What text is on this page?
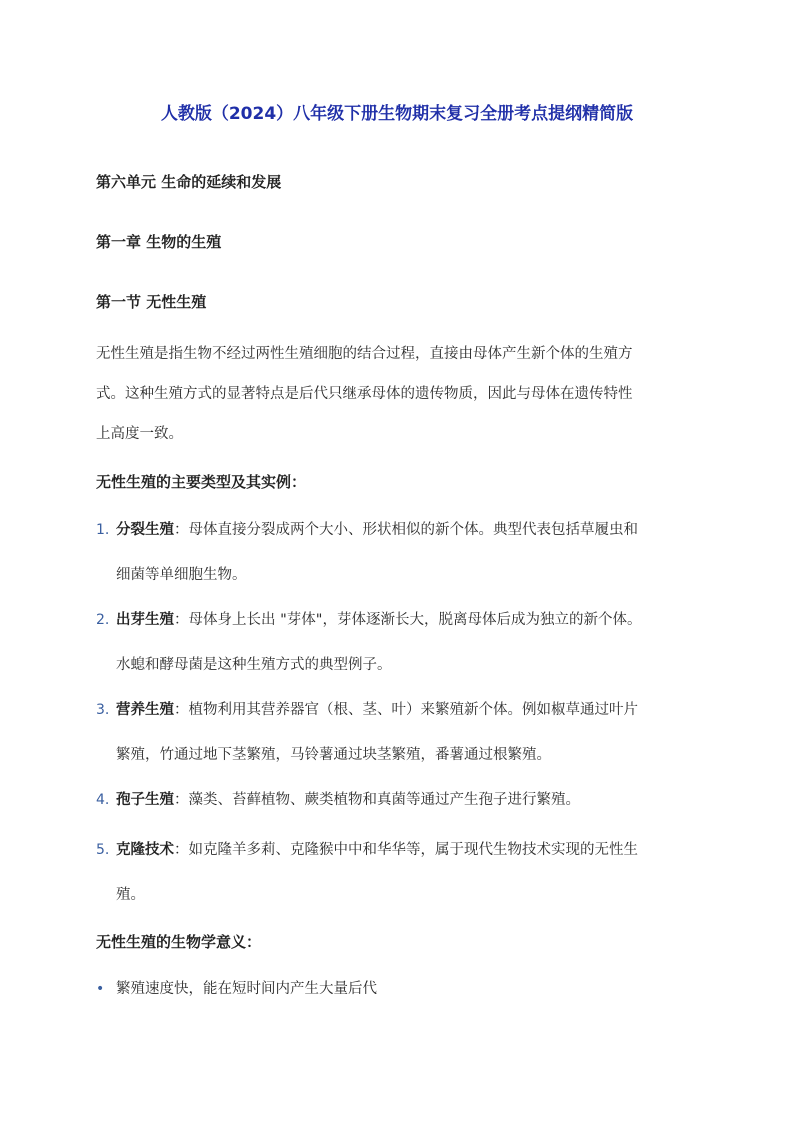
人教版（2024）八年级下册生物期末复习全册考点提纲精简版
第六单元 生命的延续和发展
第一章 生物的生殖
第一节 无性生殖
无性生殖是指生物不经过两性生殖细胞的结合过程，直接由母体产生新个体的生殖方
式。这种生殖方式的显著特点是后代只继承母体的遗传物质，因此与母体在遗传特性
上高度一致。
无性生殖的主要类型及其实例：
1. 分裂生殖：母体直接分裂成两个大小、形状相似的新个体。典型代表包括草履虫和
细菌等单细胞生物。
2. 出芽生殖：母体身上长出 "芽体"，芽体逐渐长大，脱离母体后成为独立的新个体。
水螅和酵母菌是这种生殖方式的典型例子。
3. 营养生殖：植物利用其营养器官（根、茎、叶）来繁殖新个体。例如椒草通过叶片
繁殖，竹通过地下茎繁殖，马铃薯通过块茎繁殖，番薯通过根繁殖。
4. 孢子生殖：藻类、苔藓植物、蕨类植物和真菌等通过产生孢子进行繁殖。
5. 克隆技术：如克隆羊多莉、克隆猴中中和华华等，属于现代生物技术实现的无性生
殖。
无性生殖的生物学意义：
• 繁殖速度快，能在短时间内产生大量后代
